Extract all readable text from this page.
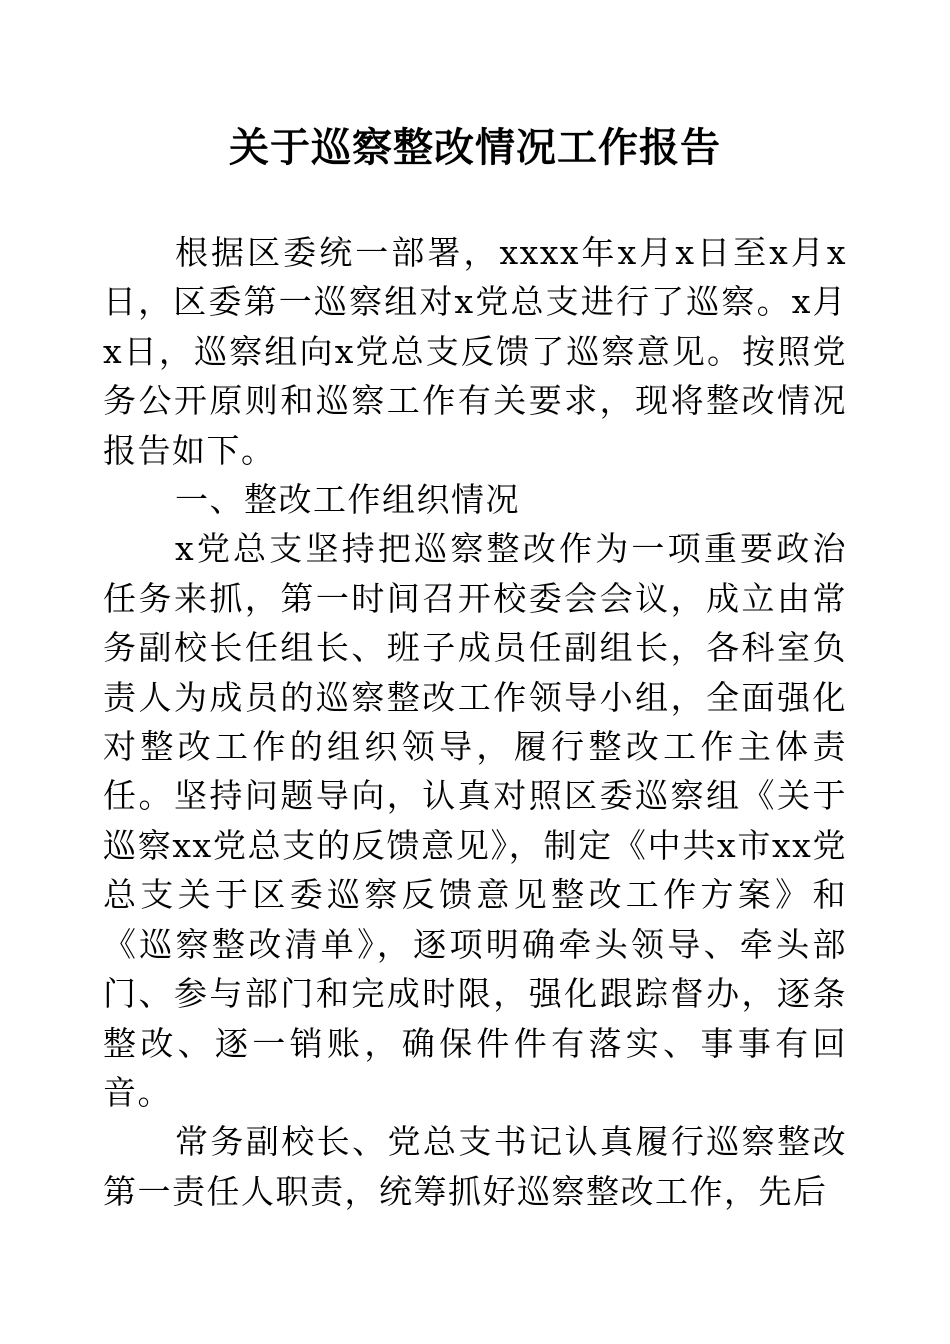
关于巡察整改情况工作报告

根据区委统一部署，xxxx年x月x日至x月x日，区委第一巡察组对x党总支进行了巡察。x月x日，巡察组向x党总支反馈了巡察意见。按照党务公开原则和巡察工作有关要求，现将整改情况报告如下。

一、整改工作组织情况

x党总支坚持把巡察整改作为一项重要政治任务来抓，第一时间召开校委会会议，成立由常务副校长任组长、班子成员任副组长，各科室负责人为成员的巡察整改工作领导小组，全面强化对整改工作的组织领导，履行整改工作主体责任。坚持问题导向，认真对照区委巡察组《关于巡察xx党总支的反馈意见》，制定《中共x市xx党总支关于区委巡察反馈意见整改工作方案》和《巡察整改清单》，逐项明确牵头领导、牵头部门、参与部门和完成时限，强化跟踪督办，逐条整改、逐一销账，确保件件有落实、事事有回音。

常务副校长、党总支书记认真履行巡察整改第一责任人职责，统筹抓好巡察整改工作，先后
